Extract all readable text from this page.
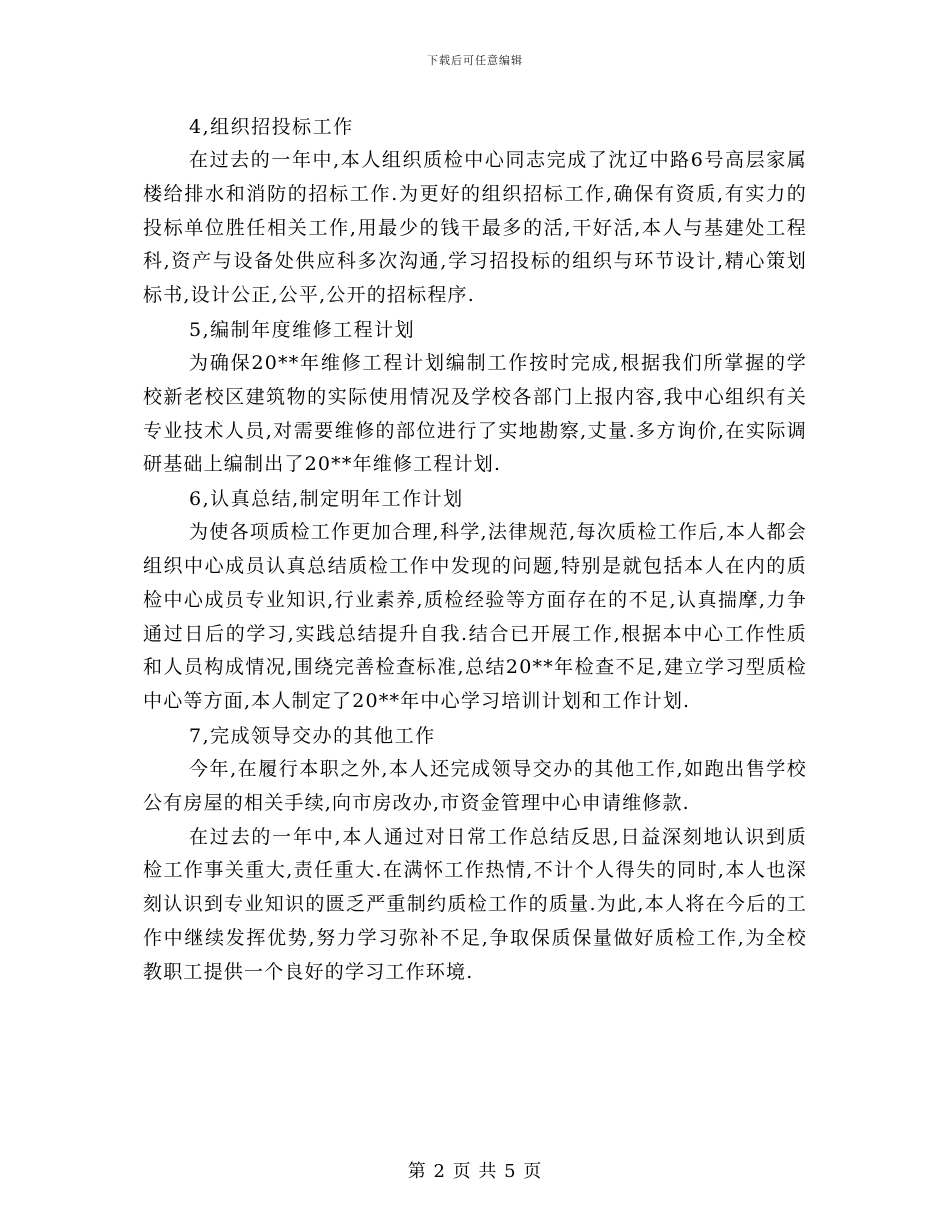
下载后可任意编辑

4,组织招投标工作

在过去的一年中,本人组织质检中心同志完成了沈辽中路6号高层家属楼给排水和消防的招标工作.为更好的组织招标工作,确保有资质,有实力的投标单位胜任相关工作,用最少的钱干最多的活,干好活,本人与基建处工程科,资产与设备处供应科多次沟通,学习招投标的组织与环节设计,精心策划标书,设计公正,公平,公开的招标程序.

5,编制年度维修工程计划

为确保20**年维修工程计划编制工作按时完成,根据我们所掌握的学校新老校区建筑物的实际使用情况及学校各部门上报内容,我中心组织有关专业技术人员,对需要维修的部位进行了实地勘察,丈量.多方询价,在实际调研基础上编制出了20**年维修工程计划.

6,认真总结,制定明年工作计划

为使各项质检工作更加合理,科学,法律规范,每次质检工作后,本人都会组织中心成员认真总结质检工作中发现的问题,特别是就包括本人在内的质检中心成员专业知识,行业素养,质检经验等方面存在的不足,认真揣摩,力争通过日后的学习,实践总结提升自我.结合已开展工作,根据本中心工作性质和人员构成情况,围绕完善检查标准,总结20**年检查不足,建立学习型质检中心等方面,本人制定了20**年中心学习培训计划和工作计划.

7,完成领导交办的其他工作

今年,在履行本职之外,本人还完成领导交办的其他工作,如跑出售学校公有房屋的相关手续,向市房改办,市资金管理中心申请维修款.

在过去的一年中,本人通过对日常工作总结反思,日益深刻地认识到质检工作事关重大,责任重大.在满怀工作热情,不计个人得失的同时,本人也深刻认识到专业知识的匮乏严重制约质检工作的质量.为此,本人将在今后的工作中继续发挥优势,努力学习弥补不足,争取保质保量做好质检工作,为全校教职工提供一个良好的学习工作环境.

第 2 页 共 5 页
